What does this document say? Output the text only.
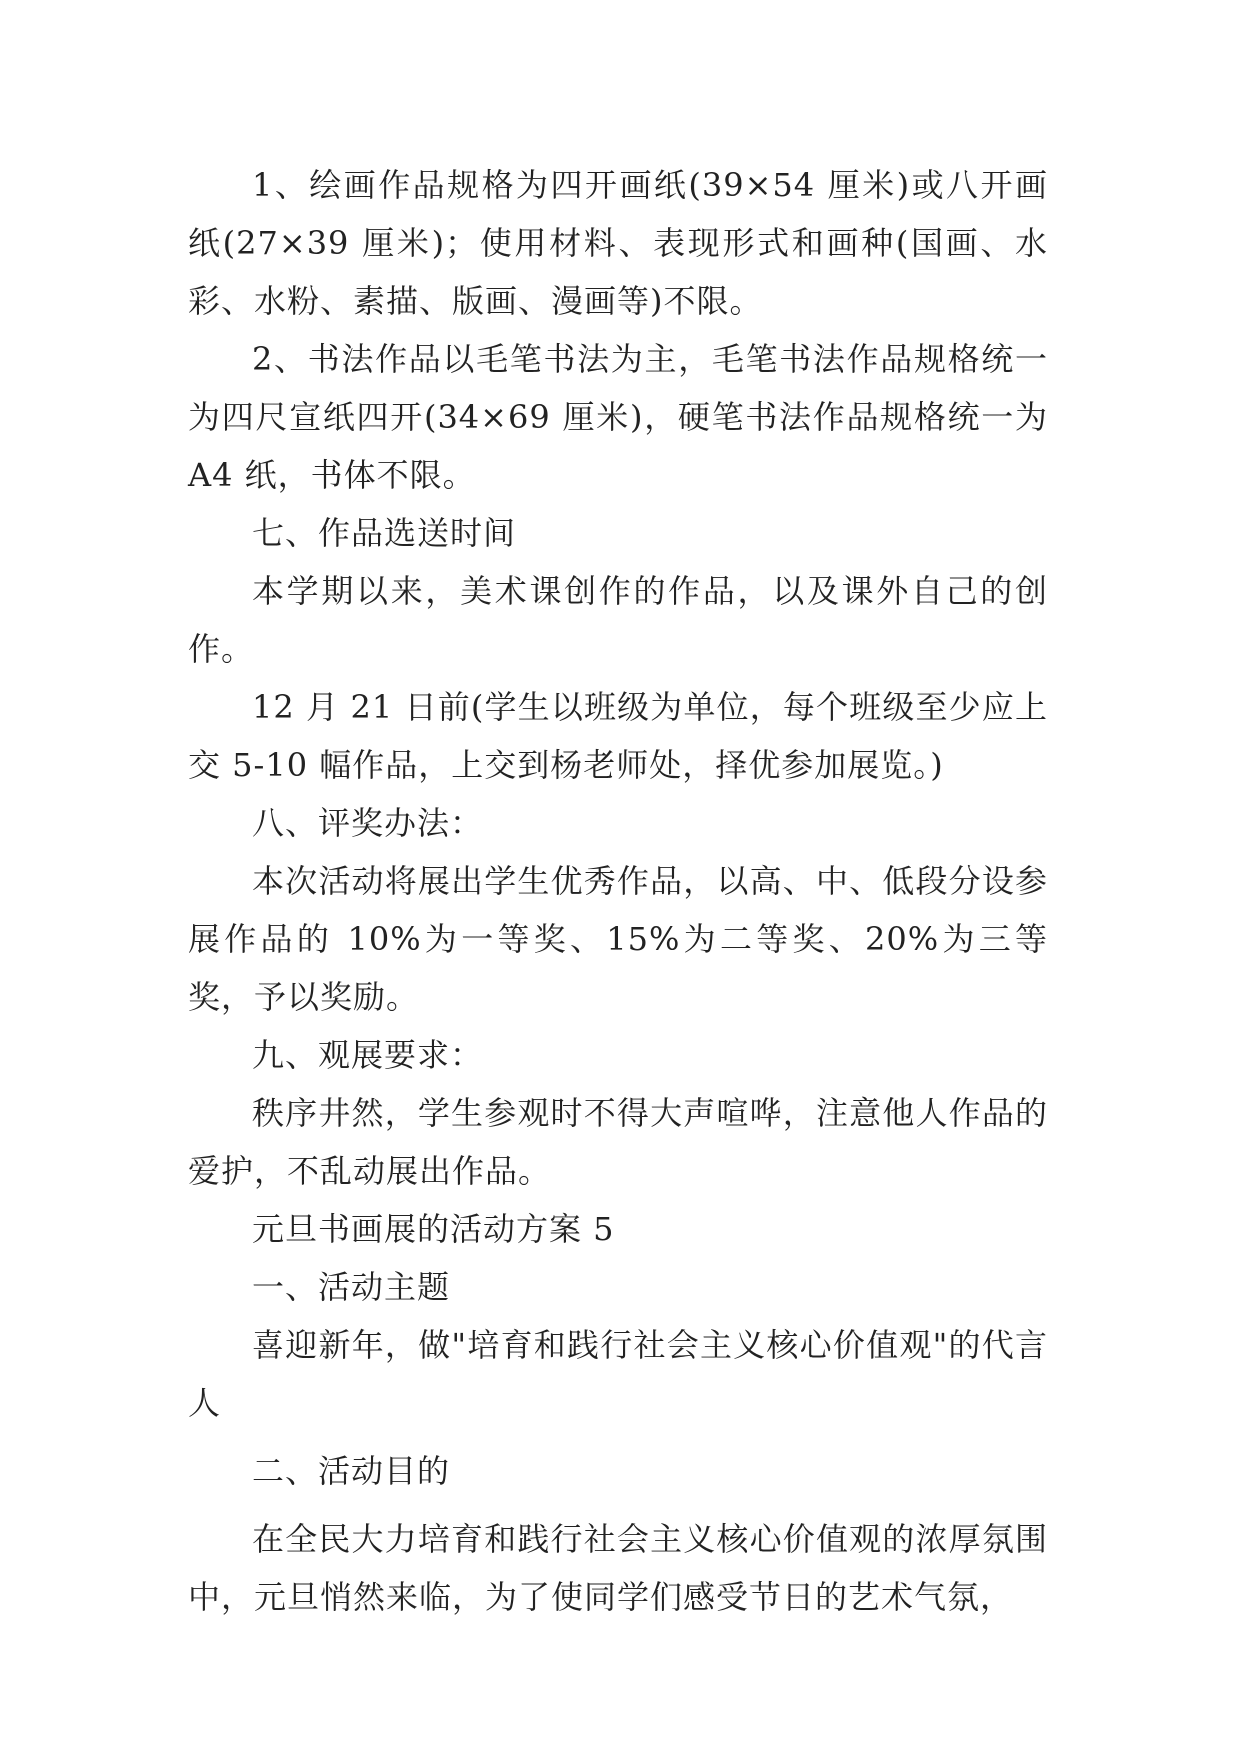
1、绘画作品规格为四开画纸(39×54 厘米)或八开画纸(27×39 厘米)；使用材料、表现形式和画种(国画、水彩、水粉、素描、版画、漫画等)不限。

2、书法作品以毛笔书法为主，毛笔书法作品规格统一为四尺宣纸四开(34×69 厘米)，硬笔书法作品规格统一为 A4 纸，书体不限。

七、作品选送时间

本学期以来，美术课创作的作品，以及课外自己的创作。

12 月 21 日前(学生以班级为单位，每个班级至少应上交 5-10 幅作品，上交到杨老师处，择优参加展览。)

八、评奖办法：

本次活动将展出学生优秀作品，以高、中、低段分设参展作品的 10%为一等奖、15%为二等奖、20%为三等奖，予以奖励。

九、观展要求：

秩序井然，学生参观时不得大声喧哗，注意他人作品的爱护，不乱动展出作品。

元旦书画展的活动方案 5

一、活动主题

喜迎新年，做"培育和践行社会主义核心价值观"的代言人

二、活动目的

在全民大力培育和践行社会主义核心价值观的浓厚氛围中，元旦悄然来临，为了使同学们感受节日的艺术气氛，
